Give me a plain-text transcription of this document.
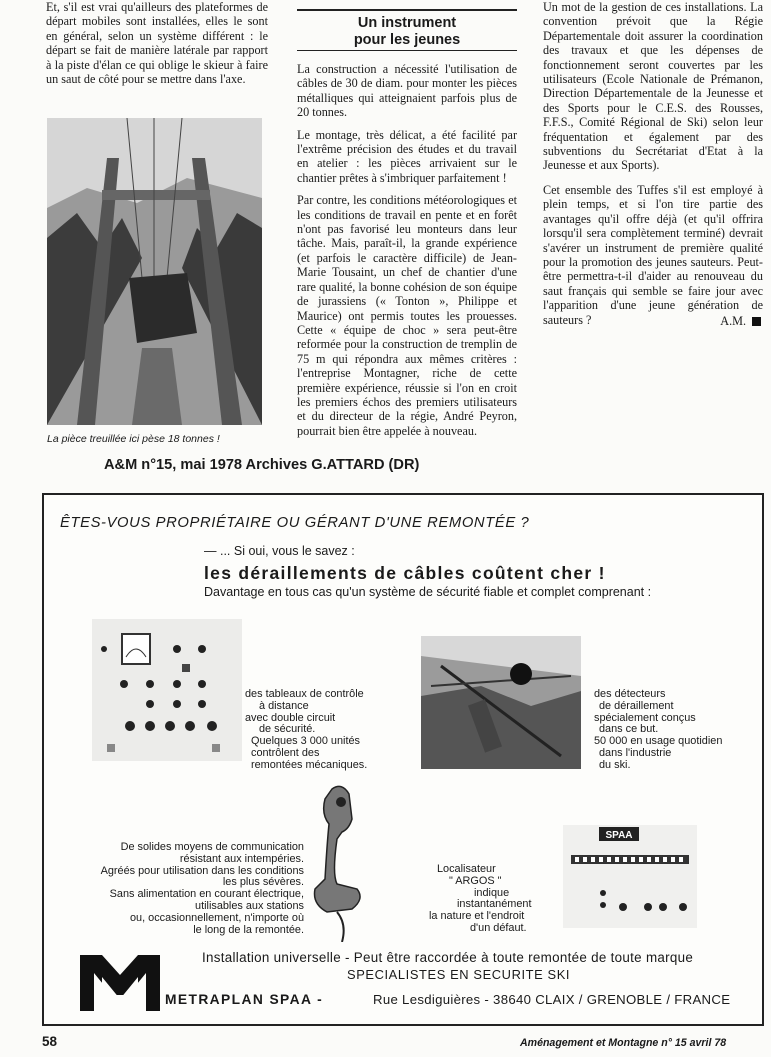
Et, s'il est vrai qu'ailleurs des plateformes de départ mobiles sont installées, elles le sont en général, selon un système différent : le départ se fait de manière latérale par rapport à la piste d'élan ce qui oblige le skieur à faire un saut de côté pour se mettre dans l'axe.

La pièce treuillée ici pèse 18 tonnes !
A&M n°15, mai 1978 Archives G.ATTARD (DR)
Un instrument
pour les jeunes

La construction a nécessité l'utilisation de câbles de 30 de diam. pour monter les pièces métalliques qui atteignaient parfois plus de 20 tonnes.

Le montage, très délicat, a été facilité par l'extrême précision des études et du travail en atelier : les pièces arrivaient sur le chantier prêtes à s'imbriquer parfaitement !

Par contre, les conditions météorologiques et les conditions de travail en pente et en forêt n'ont pas favorisé leu monteurs dans leur tâche. Mais, paraît-il, la grande expérience (et parfois le caractère difficile) de Jean-Marie Tousaint, un chef de chantier d'une rare qualité, la bonne cohésion de son équipe de jurassiens (« Tonton », Philippe et Maurice) ont permis toutes les prouesses. Cette « équipe de choc » sera peut-être reformée pour la construction de tremplin de 75 m qui répondra aux mêmes critères : l'entreprise Montagner, riche de cette première expérience, réussie si l'on en croit les premiers échos des premiers utilisateurs et du directeur de la régie, André Peyron, pourrait bien être appelée à nouveau.

Un mot de la gestion de ces installations. La convention prévoit que la Régie Départementale doit assurer la coordination des travaux et que les dépenses de fonctionnement seront couvertes par les utilisateurs (Ecole Nationale de Prémanon, Direction Départementale de la Jeunesse et des Sports pour le C.E.S. des Rousses, F.F.S., Comité Régional de Ski) selon leur fréquentation et également par des subventions du Secrétariat d'Etat à la Jeunesse et aux Sports).

Cet ensemble des Tuffes s'il est employé à plein temps, et si l'on tire partie des avantages qu'il offre déjà (et qu'il offrira lorsqu'il sera complètement terminé) devrait s'avérer un instrument de première qualité pour la promotion des jeunes sauteurs. Peut-être permettra-t-il d'aider au renouveau du saut français qui semble se faire jour avec l'apparition d'une jeune génération de sauteurs ?	A.M.
ÊTES-VOUS PROPRIÉTAIRE OU GÉRANT D'UNE REMONTÉE ?
— ... Si oui, vous le savez :
les déraillements de câbles coûtent cher !
Davantage en tous cas qu'un système de sécurité fiable et complet comprenant :
des tableaux de contrôle
à distance
avec double circuit
de sécurité.
Quelques 3 000 unités
contrôlent des
remontées mécaniques.
des détecteurs
de déraillement
spécialement conçus
dans ce but.
50 000 en usage quotidien
dans l'industrie
du ski.
De solides moyens de communication
résistant aux intempéries.
Agréés pour utilisation dans les conditions
les plus sévères.
Sans alimentation en courant électrique,
utilisables aux stations
ou, occasionnellement, n'importe où
le long de la remontée.
Localisateur
" ARGOS "
indique
instantanément
la nature et l'endroit
d'un défaut.
SPAA
Installation universelle - Peut être raccordée à toute remontée de toute marque
SPECIALISTES EN SECURITE SKI
METRAPLAN SPAA -	Rue Lesdiguières - 38640 CLAIX / GRENOBLE / FRANCE
58	Aménagement et Montagne n° 15 avril 78
